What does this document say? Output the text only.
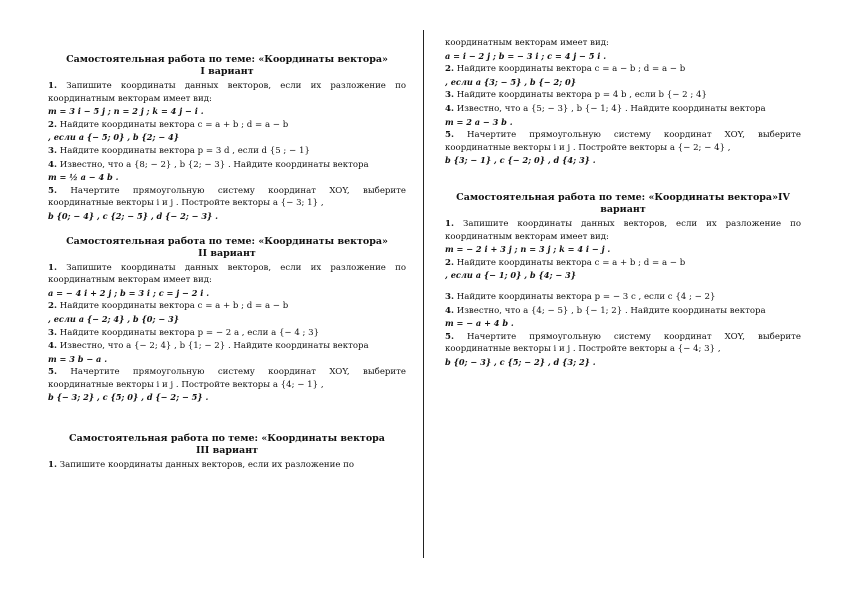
Самостоятельная работа по теме: «Координаты вектора»
I вариант
1. Запишите координаты данных векторов, если их разложение по координатным векторам имеет вид:
m = 3 i − 5 j ; n = 2 j ; k = 4 j − i .
2. Найдите координаты вектора c = a + b ; d = a − b
, если a {− 5; 0} , b {2; − 4}
3. Найдите координаты вектора p = 3 d , если d {5 ; − 1}
4. Известно, что a {8; − 2} , b {2; − 3} . Найдите координаты вектора
m = ½ a − 4 b .
5. Начертите прямоугольную систему координат XOY, выберите координатные векторы i и j . Постройте векторы a {− 3; 1} ,
b {0; − 4} , c {2; − 5} , d {− 2; − 3} .
Самостоятельная работа по теме: «Координаты вектора»
II вариант
1. Запишите координаты данных векторов, если их разложение по координатным векторам имеет вид:
a = − 4 i + 2 j ; b = 3 i ; c = j − 2 i .
2. Найдите координаты вектора c = a + b ; d = a − b
, если a {− 2; 4} , b {0; − 3}
3. Найдите координаты вектора p = − 2 a , если a {− 4 ; 3}
4. Известно, что a {− 2; 4} , b {1; − 2} . Найдите координаты вектора
m = 3 b − a .
5. Начертите прямоугольную систему координат XOY, выберите координатные векторы i и j . Постройте векторы a {4; − 1} ,
b {− 3; 2} , c {5; 0} , d {− 2; − 5} .
Самостоятельная работа по теме: «Координаты вектора
III вариант
1. Запишите координаты данных векторов, если их разложение по
координатным векторам имеет вид:
a = i − 2 j ; b = − 3 i ; c = 4 j − 5 i .
2. Найдите координаты вектора c = a − b ; d = a − b
, если a {3; − 5} , b {− 2; 0}
3. Найдите координаты вектора p = 4 b , если b {− 2 ; 4}
4. Известно, что a {5; − 3} , b {− 1; 4} . Найдите координаты вектора
m = 2 a − 3 b .
5. Начертите прямоугольную систему координат XOY, выберите координатные векторы i и j . Постройте векторы a {− 2; − 4} ,
b {3; − 1} , c {− 2; 0} , d {4; 3} .
Самостоятельная работа по теме: «Координаты вектора»IV
вариант
1. Запишите координаты данных векторов, если их разложение по координатным векторам имеет вид:
m = − 2 i + 3 j ; n = 3 j ; k = 4 i − j .
2. Найдите координаты вектора c = a + b ; d = a − b
, если a {− 1; 0} , b {4; − 3}
3. Найдите координаты вектора p = − 3 c , если c {4 ; − 2}
4. Известно, что a {4; − 5} , b {− 1; 2} . Найдите координаты вектора
m = − a + 4 b .
5. Начертите прямоугольную систему координат XOY, выберите координатные векторы i и j . Постройте векторы a {− 4; 3} ,
b {0; − 3} , c {5; − 2} , d {3; 2} .
